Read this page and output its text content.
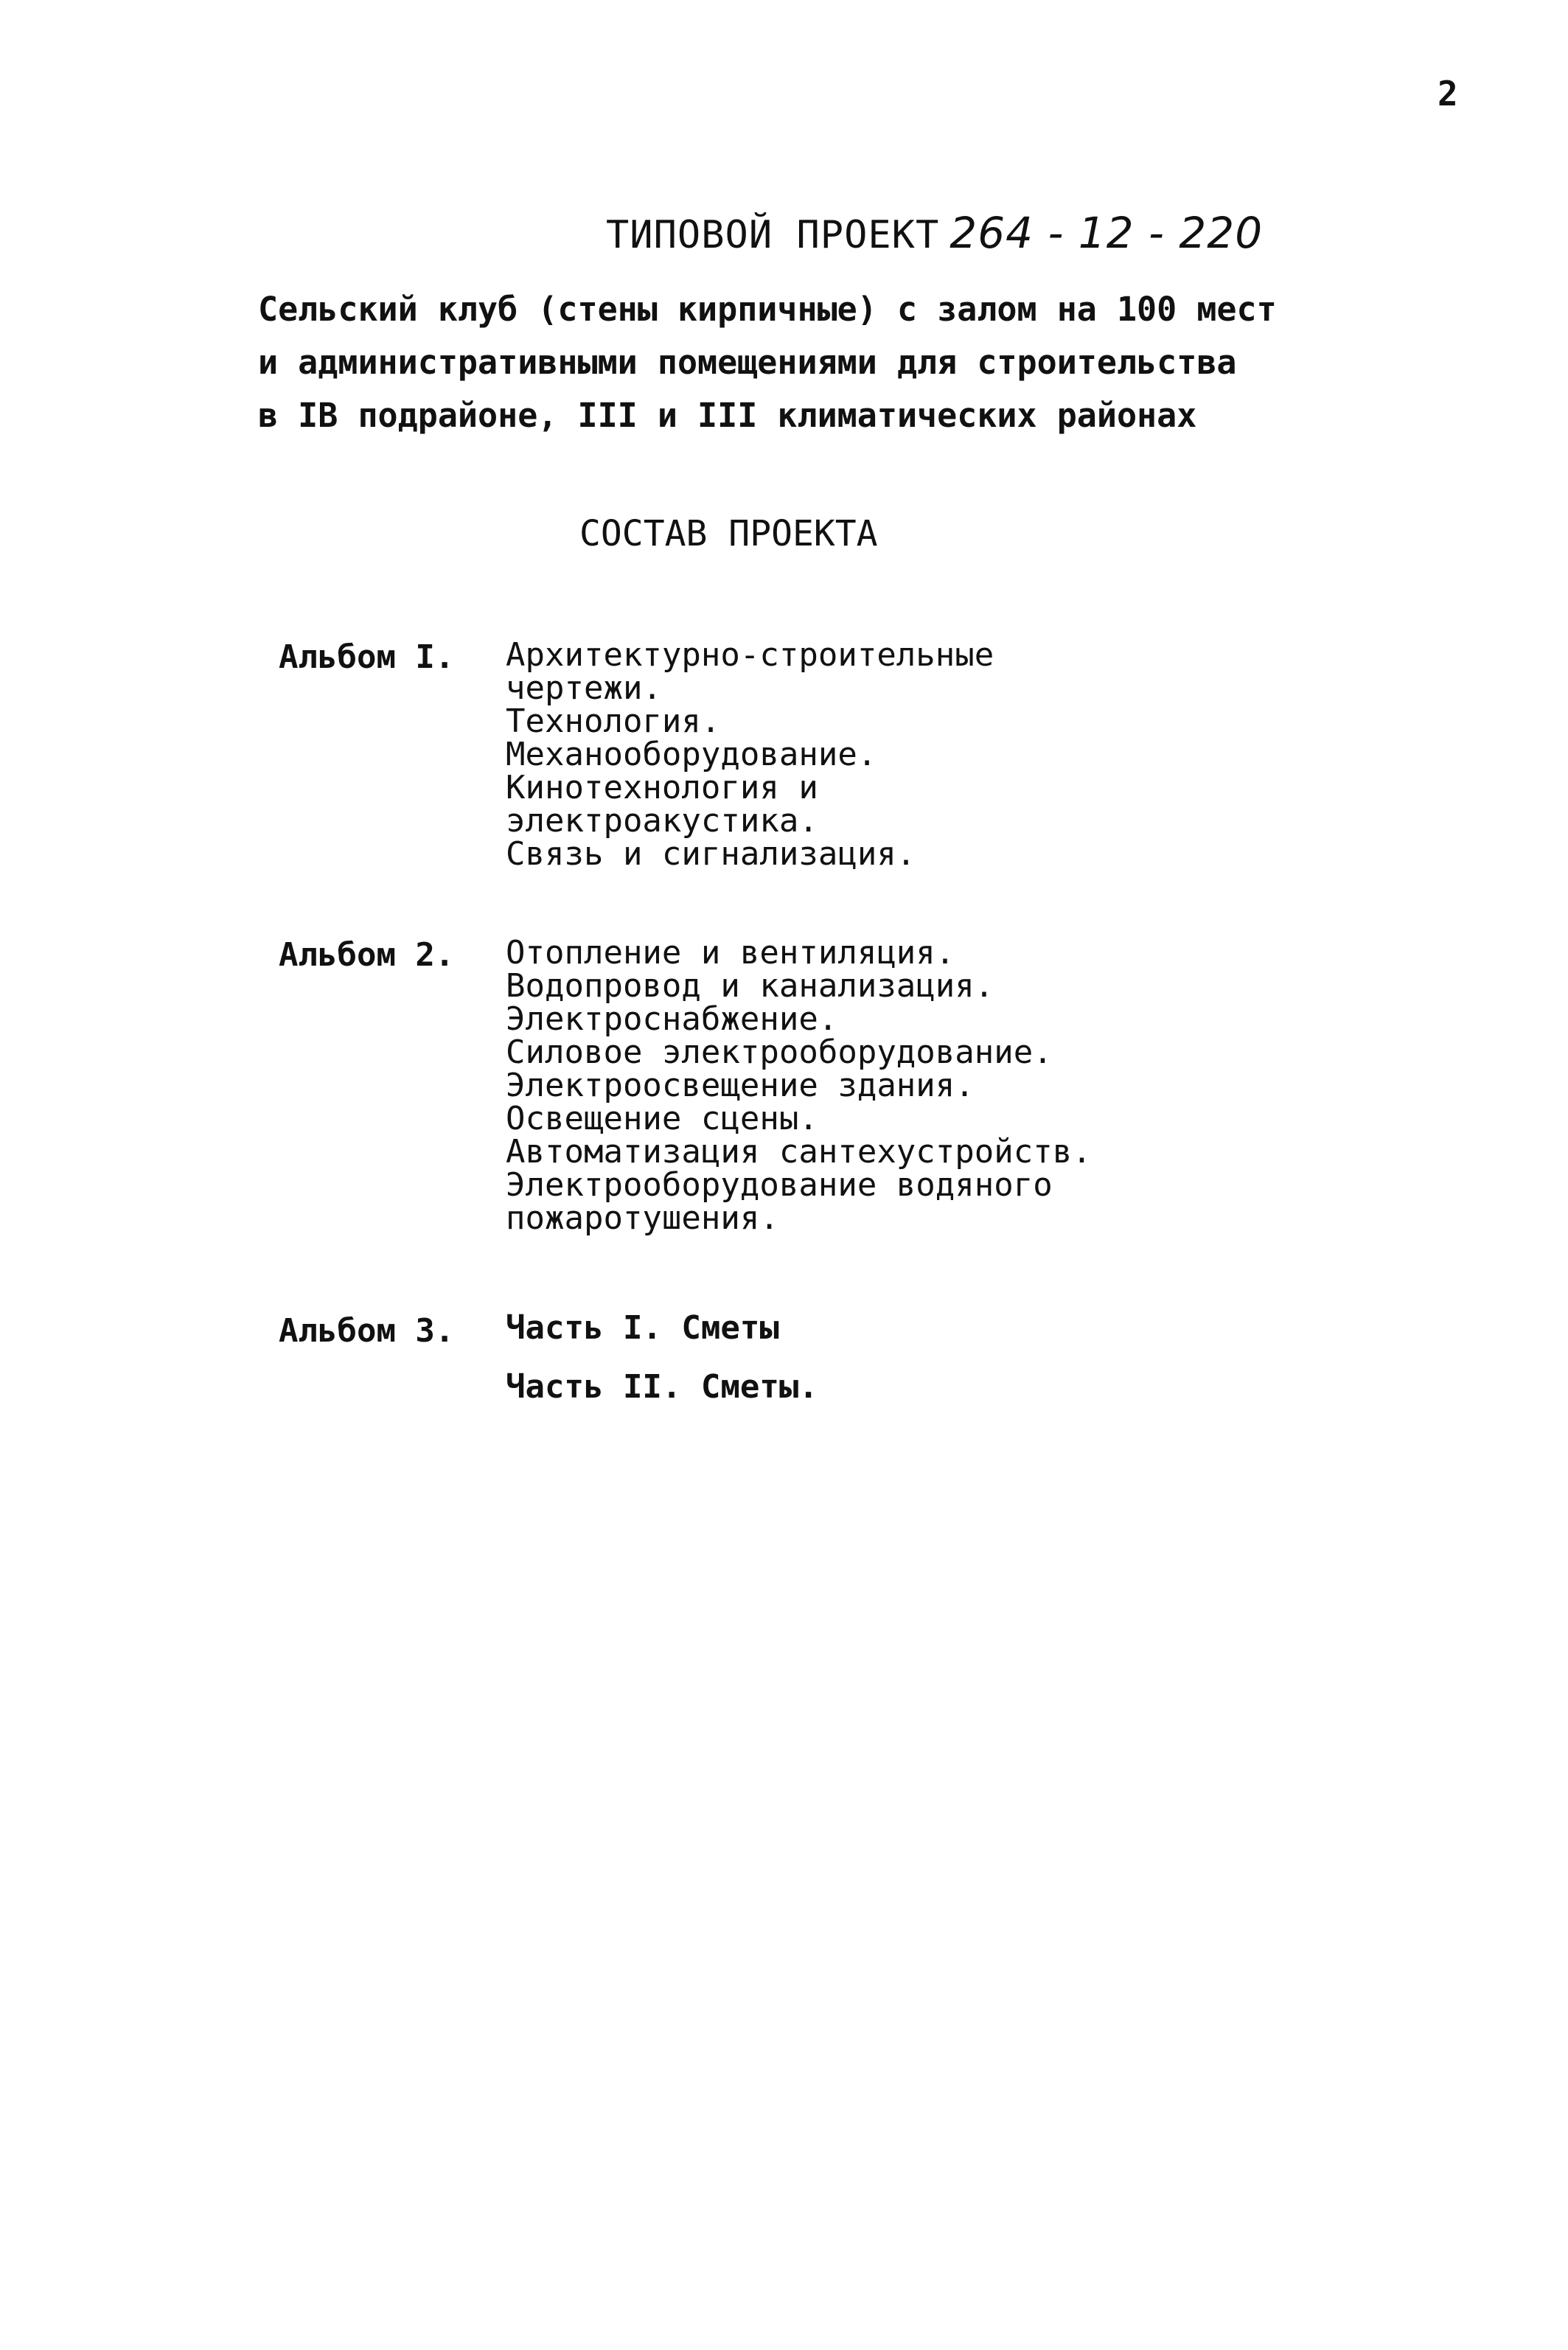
2
ТИПОВОЙ ПРОЕКТ 264 - 12 - 220
Сельский клуб (стены кирпичные) с залом на 100 мест
и административными помещениями для строительства
в IВ подрайоне, III и III климатических районах
СОСТАВ ПРОЕКТА
Альбом I.	Архитектурно-строительные
чертежи.
Технология.
Механооборудование.
Кинотехнология и
электроакустика.
Связь и сигнализация.
Альбом 2.	Отопление и вентиляция.
Водопровод и канализация.
Электроснабжение.
Силовое электрооборудование.
Электроосвещение здания.
Освещение сцены.
Автоматизация сантехустройств.
Электрооборудование водяного
пожаротушения.
Альбом 3.	Часть I. Сметы
Часть II. Сметы.
